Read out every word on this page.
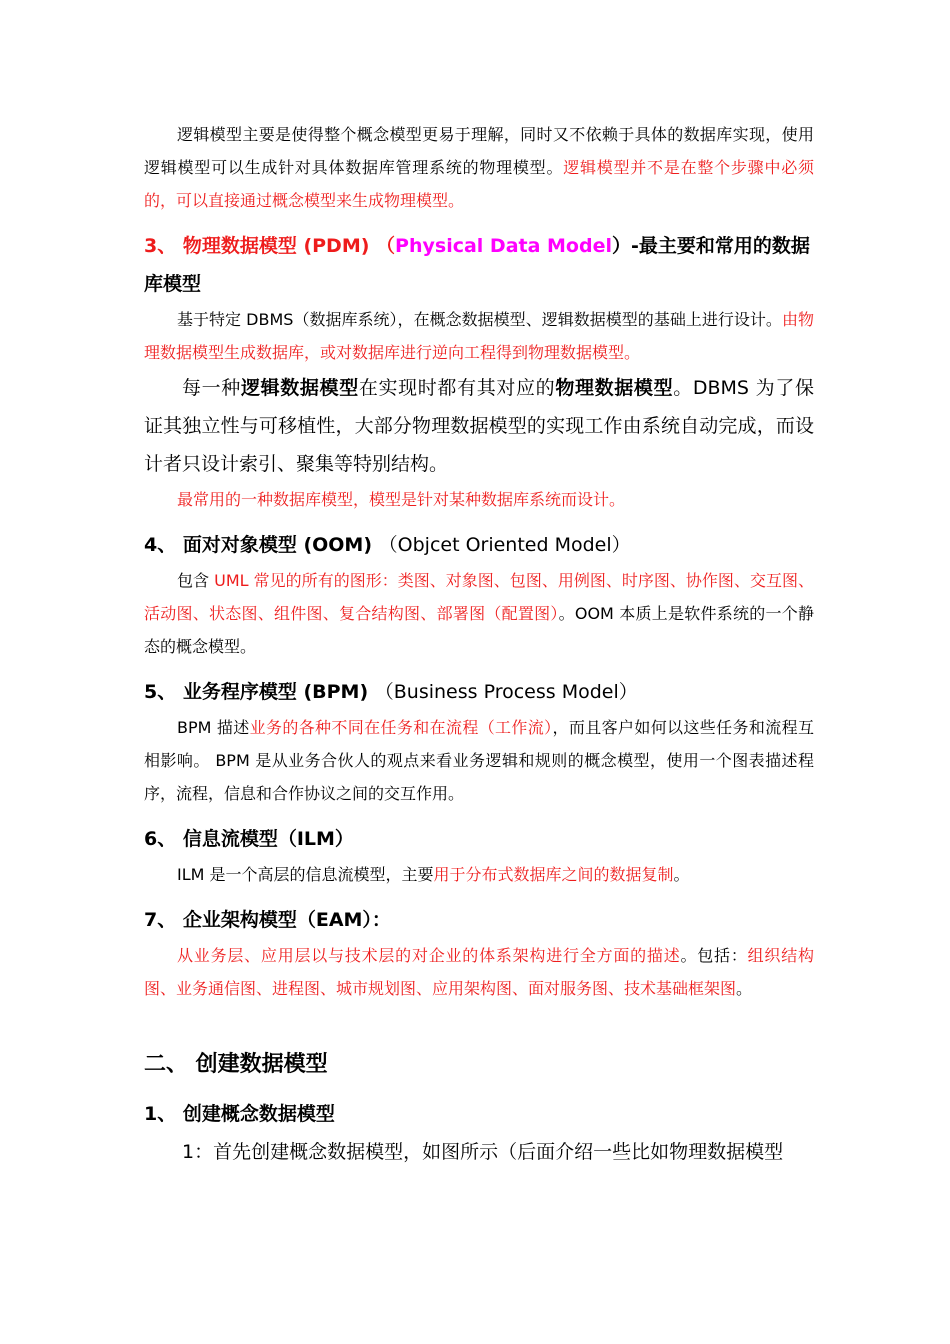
逻辑模型主要是使得整个概念模型更易于理解，同时又不依赖于具体的数据库实现，使用逻辑模型可以生成针对具体数据库管理系统的物理模型。逻辑模型并不是在整个步骤中必须的，可以直接通过概念模型来生成物理模型。

3、 物理数据模型 (PDM) （Physical Data Model）-最主要和常用的数据库模型

基于特定 DBMS（数据库系统），在概念数据模型、逻辑数据模型的基础上进行设计。由物理数据模型生成数据库，或对数据库进行逆向工程得到物理数据模型。

每一种逻辑数据模型在实现时都有其对应的物理数据模型。DBMS 为了保证其独立性与可移植性，大部分物理数据模型的实现工作由系统自动完成，而设计者只设计索引、聚集等特别结构。

最常用的一种数据库模型，模型是针对某种数据库系统而设计。

4、 面对对象模型 (OOM) （Objcet Oriented Model）

包含 UML 常见的所有的图形：类图、对象图、包图、用例图、时序图、协作图、交互图、活动图、状态图、组件图、复合结构图、部署图（配置图）。OOM 本质上是软件系统的一个静态的概念模型。

5、 业务程序模型 (BPM) （Business Process Model）

BPM 描述业务的各种不同在任务和在流程（工作流），而且客户如何以这些任务和流程互相影响。 BPM 是从业务合伙人的观点来看业务逻辑和规则的概念模型，使用一个图表描述程序，流程，信息和合作协议之间的交互作用。

6、 信息流模型（ILM）

ILM 是一个高层的信息流模型，主要用于分布式数据库之间的数据复制。

7、 企业架构模型（EAM）：

从业务层、应用层以与技术层的对企业的体系架构进行全方面的描述。包括：组织结构图、业务通信图、进程图、城市规划图、应用架构图、面对服务图、技术基础框架图。

二、 创建数据模型

1、 创建概念数据模型

1：首先创建概念数据模型，如图所示（后面介绍一些比如物理数据模型
